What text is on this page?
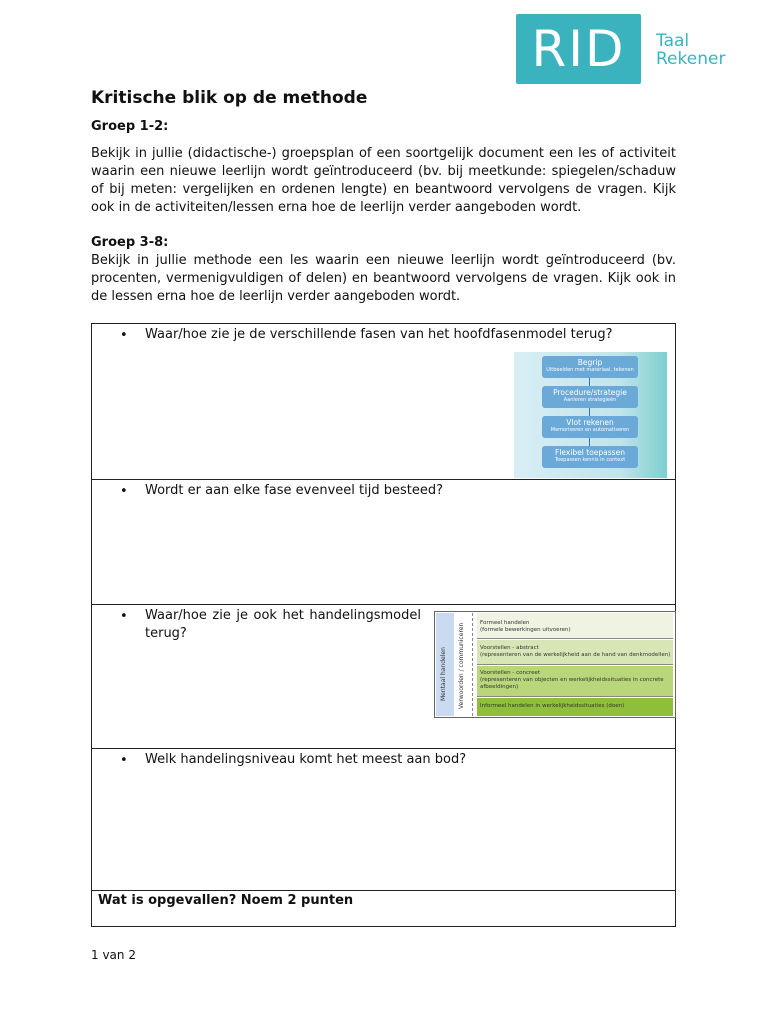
RID	Taal
Rekener
Kritische blik op de methode
Groep 1-2:
Bekijk in jullie (didactische-) groepsplan of een soortgelijk document een les of activiteit waarin een nieuwe leerlijn wordt geïntroduceerd (bv. bij meetkunde: spiegelen/schaduw of bij meten: vergelijken en ordenen lengte) en beantwoord vervolgens de vragen. Kijk ook in de activiteiten/lessen erna hoe de leerlijn verder aangeboden wordt.
Groep 3-8:
Bekijk in jullie methode een les waarin een nieuwe leerlijn wordt geïntroduceerd (bv. procenten, vermenigvuldigen of delen) en beantwoord vervolgens de vragen. Kijk ook in de lessen erna hoe de leerlijn verder aangeboden wordt.
• Waar/hoe zie je de verschillende fasen van het hoofdfasenmodel terug?
Begrip
Uitbeelden met materiaal, tekenen
Procedure/strategie
Aanleren strategieën
Vlot rekenen
Memoriseren en automatiseren
Flexibel toepassen
Toepassen kennis in context

• Wordt er aan elke fase evenveel tijd besteed?

• Waar/hoe zie je ook het handelingsmodel terug?
Mentaal handelen Verwoorden / communiceren	Formeel handelen
(formele bewerkingen uitvoeren)
Voorstellen - abstract
(representeren van de werkelijkheid aan de hand van denkmodellen)
Voorstellen - concreet
(representeren van objecten en werkelijkheidssituaties in concrete afbeeldingen)
Informeel handelen in werkelijkheidssituaties (doen)

• Welk handelingsniveau komt het meest aan bod?

Wat is opgevallen? Noem 2 punten
1 van 2
